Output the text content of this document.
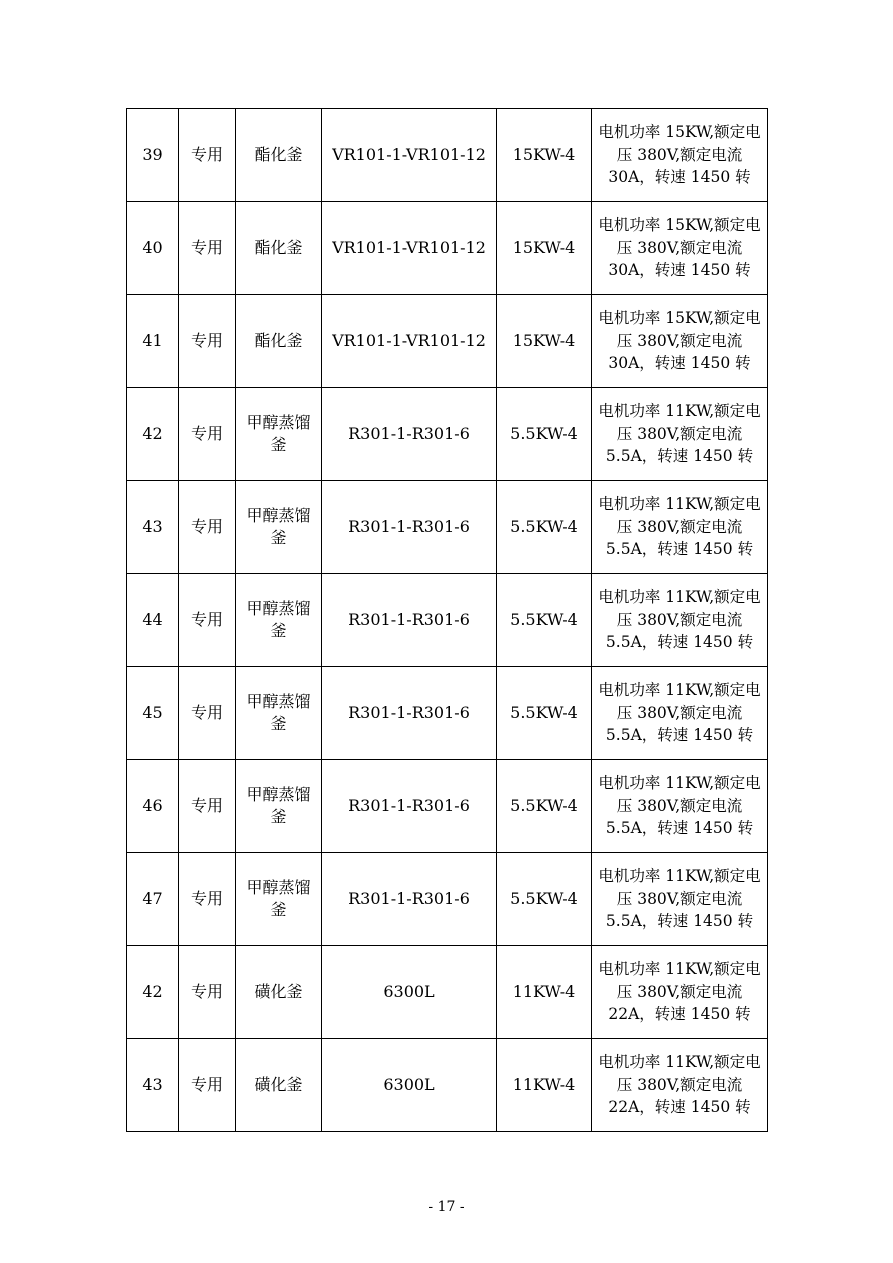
39	专用	酯化釜	VR101-1-VR101-12	15KW-4	电机功率 15KW,额定电压 380V,额定电流 30A，转速 1450 转
40	专用	酯化釜	VR101-1-VR101-12	15KW-4	电机功率 15KW,额定电压 380V,额定电流 30A，转速 1450 转
41	专用	酯化釜	VR101-1-VR101-12	15KW-4	电机功率 15KW,额定电压 380V,额定电流 30A，转速 1450 转
42	专用	甲醇蒸馏釜	R301-1-R301-6	5.5KW-4	电机功率 11KW,额定电压 380V,额定电流 5.5A，转速 1450 转
43	专用	甲醇蒸馏釜	R301-1-R301-6	5.5KW-4	电机功率 11KW,额定电压 380V,额定电流 5.5A，转速 1450 转
44	专用	甲醇蒸馏釜	R301-1-R301-6	5.5KW-4	电机功率 11KW,额定电压 380V,额定电流 5.5A，转速 1450 转
45	专用	甲醇蒸馏釜	R301-1-R301-6	5.5KW-4	电机功率 11KW,额定电压 380V,额定电流 5.5A，转速 1450 转
46	专用	甲醇蒸馏釜	R301-1-R301-6	5.5KW-4	电机功率 11KW,额定电压 380V,额定电流 5.5A，转速 1450 转
47	专用	甲醇蒸馏釜	R301-1-R301-6	5.5KW-4	电机功率 11KW,额定电压 380V,额定电流 5.5A，转速 1450 转
42	专用	磺化釜	6300L	11KW-4	电机功率 11KW,额定电压 380V,额定电流 22A，转速 1450 转
43	专用	磺化釜	6300L	11KW-4	电机功率 11KW,额定电压 380V,额定电流 22A，转速 1450 转
- 17 -
